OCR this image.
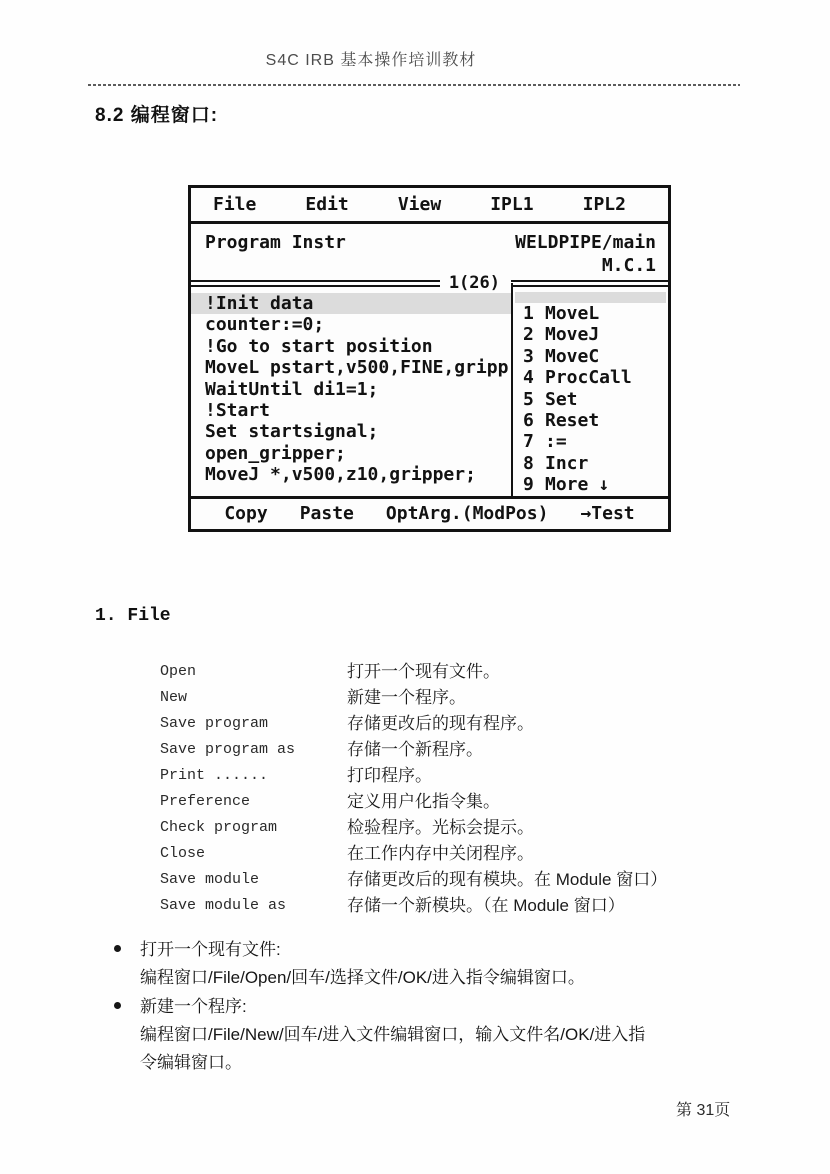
S4C IRB 基本操作培训教材
8.2 编程窗口:
File	Edit	View	IPL1	IPL2
Program Instr	WELDPIPE/main
M.C.1
1(26)
!Init data
counter:=0;
!Go to start position
MoveL pstart,v500,FINE,gripp
WaitUntil di1=1;
!Start
Set startsignal;
open_gripper;
MoveJ *,v500,z10,gripper;
1 MoveL
2 MoveJ
3 MoveC
4 ProcCall
5 Set
6 Reset
7 :=
8 Incr
9 More ↓
Copy Paste OptArg.(ModPos) →Test
1. File
Open	打开一个现有文件。
New	新建一个程序。
Save program	存储更改后的现有程序。
Save program as	存储一个新程序。
Print ......	打印程序。
Preference	定义用户化指令集。
Check program	检验程序。光标会提示。
Close	在工作内存中关闭程序。
Save module	存储更改后的现有模块。在 Module 窗口）
Save module as	存储一个新模块。（在 Module 窗口）
打开一个现有文件:
编程窗口/File/Open/回车/选择文件/OK/进入指令编辑窗口。
新建一个程序:
编程窗口/File/New/回车/进入文件编辑窗口，输入文件名/OK/进入指
令编辑窗口。
第 31页
